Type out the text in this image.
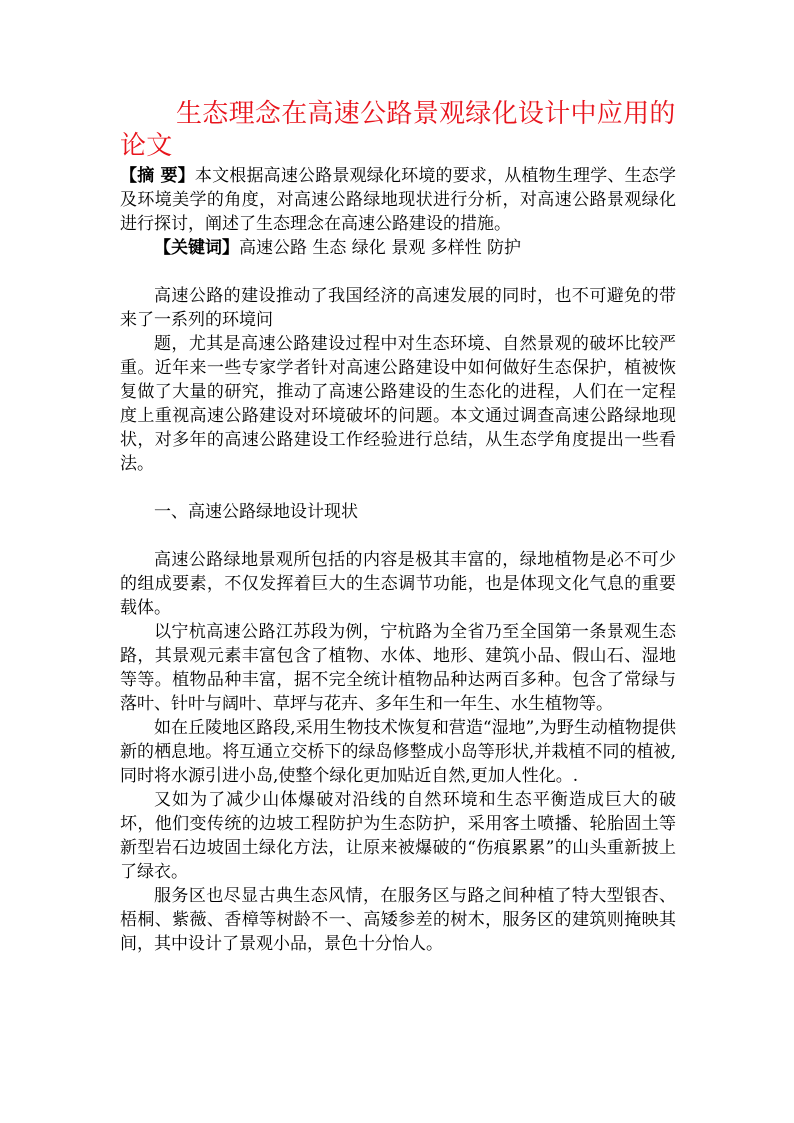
生态理念在高速公路景观绿化设计中应用的论文

【摘 要】本文根据高速公路景观绿化环境的要求，从植物生理学、生态学及环境美学的角度，对高速公路绿地现状进行分析，对高速公路景观绿化进行探讨，阐述了生态理念在高速公路建设的措施。

【关键词】高速公路 生态 绿化 景观 多样性 防护

高速公路的建设推动了我国经济的高速发展的同时，也不可避免的带来了一系列的环境问

题，尤其是高速公路建设过程中对生态环境、自然景观的破坏比较严重。近年来一些专家学者针对高速公路建设中如何做好生态保护，植被恢复做了大量的研究，推动了高速公路建设的生态化的进程，人们在一定程度上重视高速公路建设对环境破坏的问题。本文通过调查高速公路绿地现状，对多年的高速公路建设工作经验进行总结，从生态学角度提出一些看法。

一、高速公路绿地设计现状

高速公路绿地景观所包括的内容是极其丰富的，绿地植物是必不可少的组成要素，不仅发挥着巨大的生态调节功能，也是体现文化气息的重要载体。

以宁杭高速公路江苏段为例，宁杭路为全省乃至全国第一条景观生态路，其景观元素丰富包含了植物、水体、地形、建筑小品、假山石、湿地等等。植物品种丰富，据不完全统计植物品种达两百多种。包含了常绿与落叶、针叶与阔叶、草坪与花卉、多年生和一年生、水生植物等。

如在丘陵地区路段,采用生物技术恢复和营造“湿地”,为野生动植物提供新的栖息地。将互通立交桥下的绿岛修整成小岛等形状,并栽植不同的植被,同时将水源引进小岛,使整个绿化更加贴近自然,更加人性化。.

又如为了减少山体爆破对沿线的自然环境和生态平衡造成巨大的破坏，他们变传统的边坡工程防护为生态防护，采用客土喷播、轮胎固土等新型岩石边坡固土绿化方法，让原来被爆破的“伤痕累累”的山头重新披上了绿衣。

服务区也尽显古典生态风情，在服务区与路之间种植了特大型银杏、梧桐、紫薇、香樟等树龄不一、高矮参差的树木，服务区的建筑则掩映其间，其中设计了景观小品，景色十分怡人。
